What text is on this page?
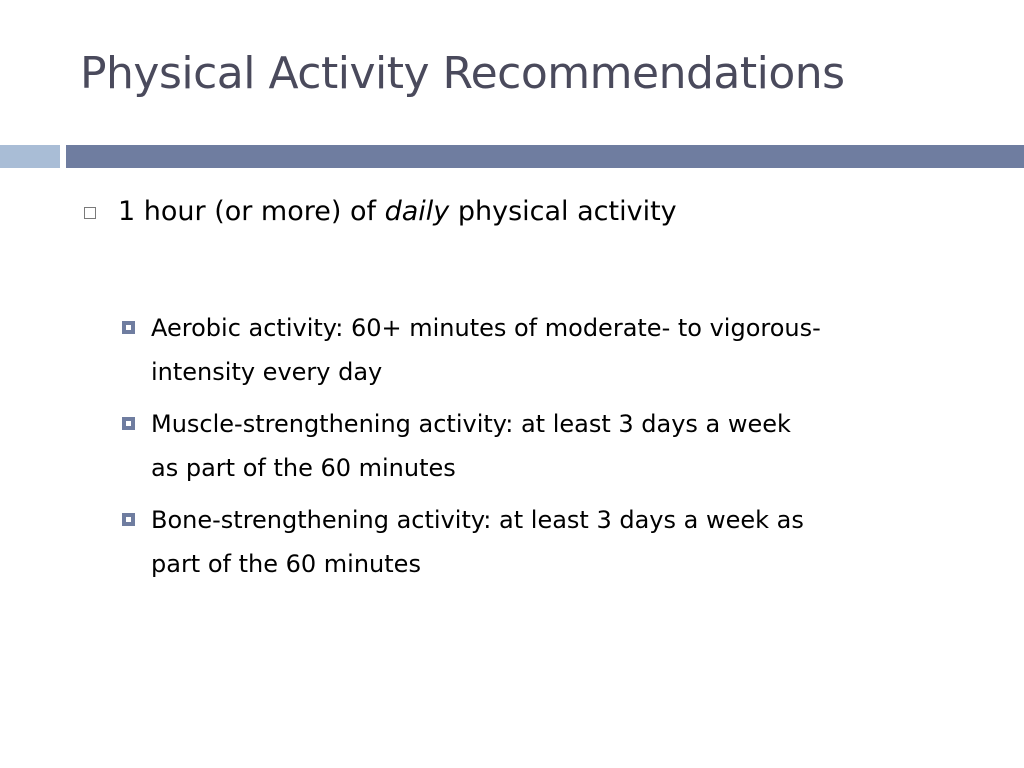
Physical Activity Recommendations
1 hour (or more) of daily physical activity
Aerobic activity: 60+ minutes of moderate- to vigorous-
intensity every day
Muscle-strengthening activity: at least 3 days a week
as part of the 60 minutes
Bone-strengthening activity: at least 3 days a week as
part of the 60 minutes
